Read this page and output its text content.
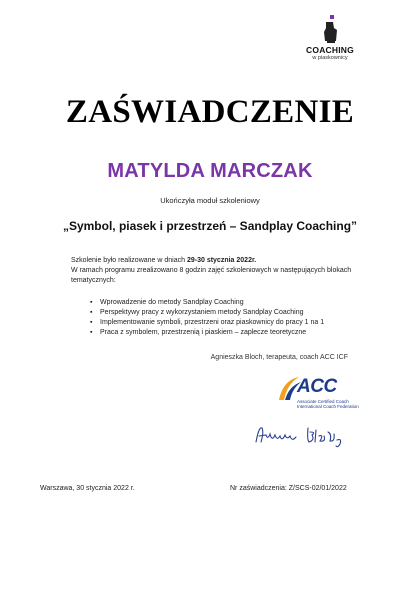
COACHING
w piaskownicy
ZAŚWIADCZENIE
MATYLDA MARCZAK
Ukończyła moduł szkoleniowy
„Symbol, piasek i przestrzeń – Sandplay Coaching”

Szkolenie było realizowane w dniach 29-30 stycznia 2022r.

W ramach programu zrealizowano 8 godzin zajęć szkoleniowych w następujących blokach tematycznych:

▪ Wprowadzenie do metody Sandplay Coaching
▪ Perspektywy pracy z wykorzystaniem metody Sandplay Coaching
▪ Implementowanie symboli, przestrzeni oraz piaskownicy do pracy 1 na 1
▪ Praca z symbolem, przestrzenią i piaskiem – zaplecze teoretyczne
Agnieszka Bloch, terapeuta, coach ACC ICF
ACC
Associate Certified Coach
International Coach Federation
Warszawa, 30 stycznia 2022 r.	Nr zaświadczenia: Z/SCS-02/01/2022
